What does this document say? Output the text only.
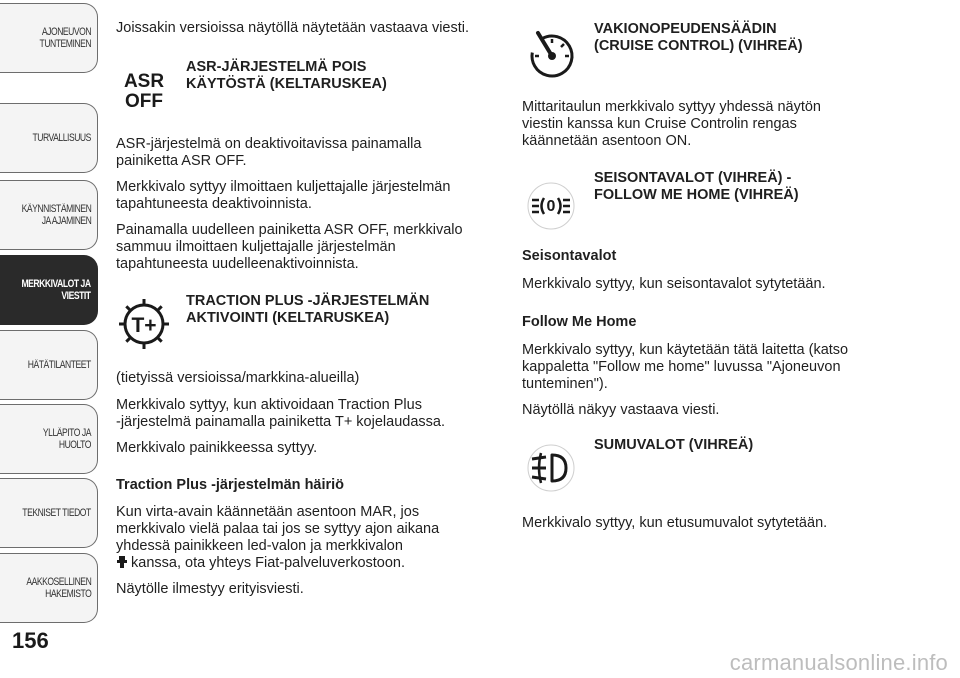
AJONEUVON
TUNTEMINEN
TURVALLISUUS
KÄYNNISTÄMINEN
JA AJAMINEN
MERKKIVALOT JA
VIESTIT
HÄTÄTILANTEET
YLLÄPITO JA HUOLTO
TEKNISET TIEDOT
AAKKOSELLINEN
HAKEMISTO
156

Joissakin versioissa näytöllä näytetään vastaava viesti.

ASR
OFF

ASR-JÄRJESTELMÄ POIS

KÄYTÖSTÄ (KELTARUSKEA)

ASR-järjestelmä on deaktivoitavissa painamalla

painiketta ASR OFF.

Merkkivalo syttyy ilmoittaen kuljettajalle järjestelmän

tapahtuneesta deaktivoinnista.

Painamalla uudelleen painiketta ASR OFF, merkkivalo

sammuu ilmoittaen kuljettajalle järjestelmän

tapahtuneesta uudelleenaktivoinnista.

T+

TRACTION PLUS -JÄRJESTELMÄN

AKTIVOINTI (KELTARUSKEA)

(tietyissä versioissa/markkina-alueilla)

Merkkivalo syttyy, kun aktivoidaan Traction Plus

-järjestelmä painamalla painiketta T+ kojelaudassa.

Merkkivalo painikkeessa syttyy.

Traction Plus -järjestelmän häiriö

Kun virta-avain käännetään asentoon MAR, jos

merkkivalo vielä palaa tai jos se syttyy ajon aikana

yhdessä painikkeen led-valon ja merkkivalon

kanssa, ota yhteys Fiat-palveluverkostoon.

Näytölle ilmestyy erityisviesti.

VAKIONOPEUDENSÄÄDIN

(CRUISE CONTROL) (VIHREÄ)

Mittaritaulun merkkivalo syttyy yhdessä näytön

viestin kanssa kun Cruise Controlin rengas

käännetään asentoon ON.

0

SEISONTAVALOT (VIHREÄ) -

FOLLOW ME HOME (VIHREÄ)

Seisontavalot

Merkkivalo syttyy, kun seisontavalot sytytetään.

Follow Me Home

Merkkivalo syttyy, kun käytetään tätä laitetta (katso

kappaletta "Follow me home" luvussa "Ajoneuvon

tunteminen").

Näytöllä näkyy vastaava viesti.

SUMUVALOT (VIHREÄ)

Merkkivalo syttyy, kun etusumuvalot sytytetään.

carmanualsonline.info
